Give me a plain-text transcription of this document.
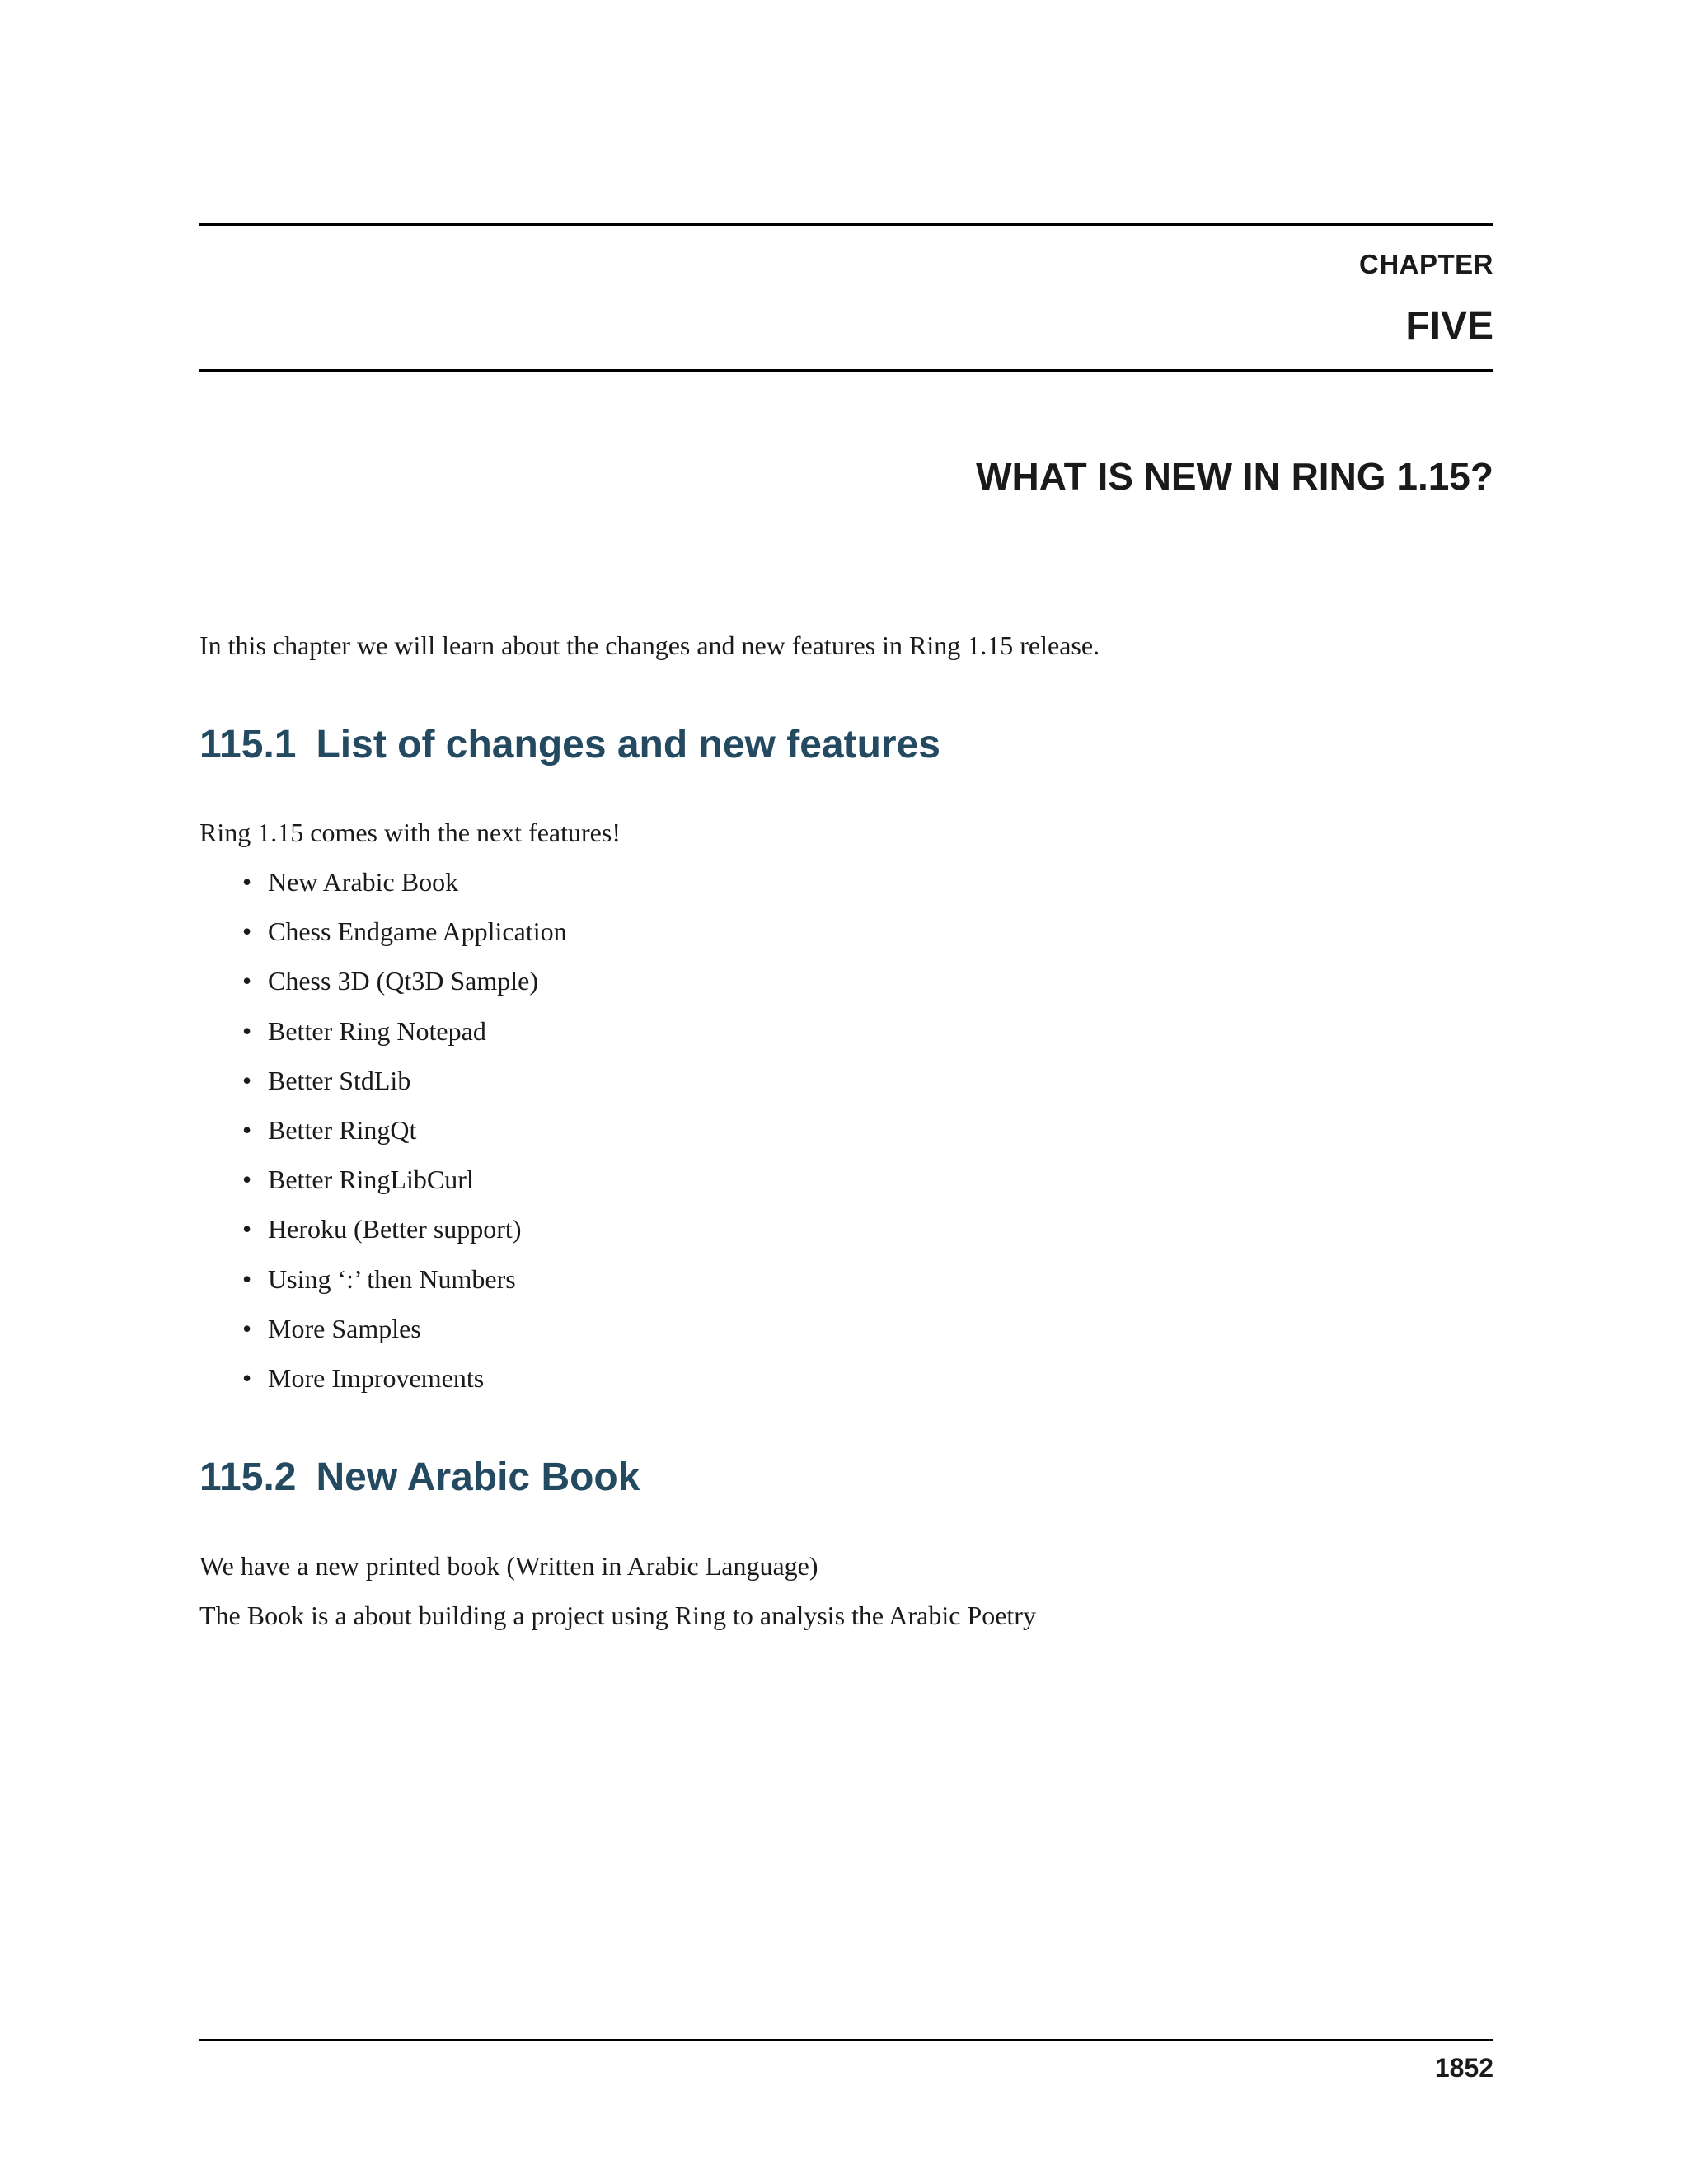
CHAPTER

FIVE

WHAT IS NEW IN RING 1.15?

In this chapter we will learn about the changes and new features in Ring 1.15 release.

115.1 List of changes and new features

Ring 1.15 comes with the next features!

• New Arabic Book
• Chess Endgame Application
• Chess 3D (Qt3D Sample)
• Better Ring Notepad
• Better StdLib
• Better RingQt
• Better RingLibCurl
• Heroku (Better support)
• Using ‘:’ then Numbers
• More Samples
• More Improvements
115.2 New Arabic Book

We have a new printed book (Written in Arabic Language)

The Book is a about building a project using Ring to analysis the Arabic Poetry

1852
